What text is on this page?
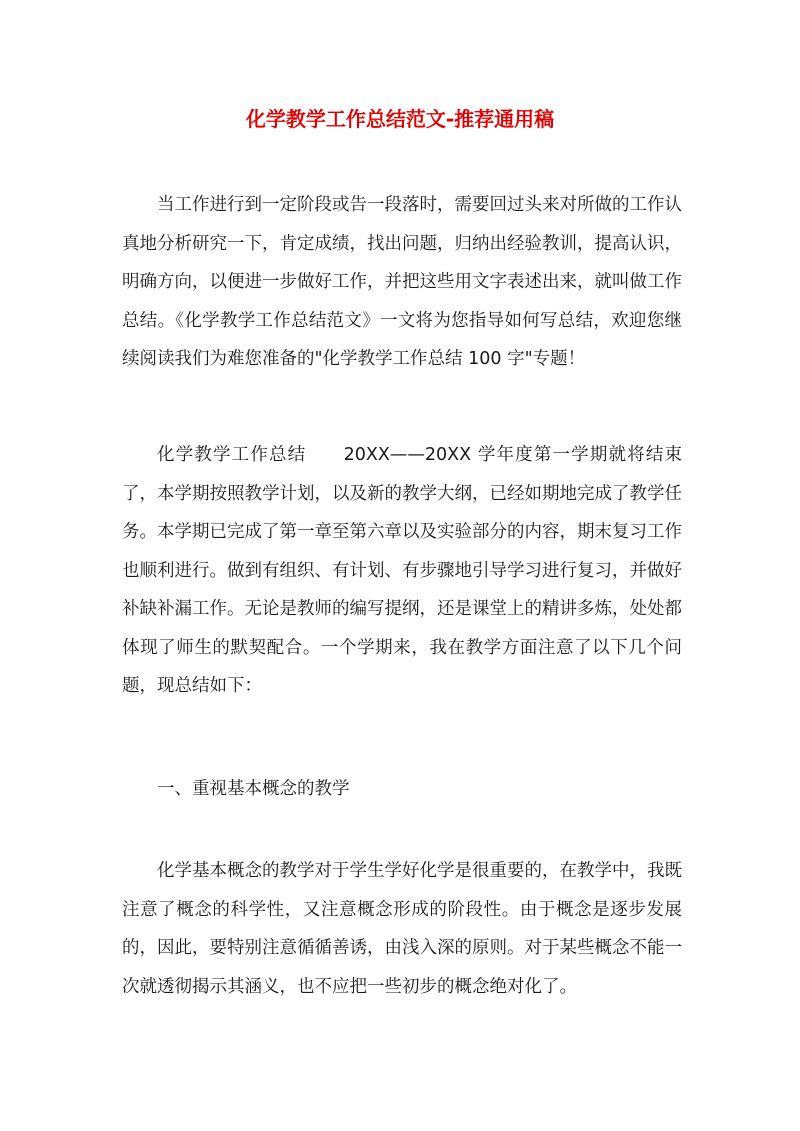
化学教学工作总结范文-推荐通用稿

当工作进行到一定阶段或告一段落时，需要回过头来对所做的工作认真地分析研究一下，肯定成绩，找出问题，归纳出经验教训，提高认识，明确方向，以便进一步做好工作，并把这些用文字表述出来，就叫做工作总结。《化学教学工作总结范文》一文将为您指导如何写总结，欢迎您继续阅读我们为难您准备的"化学教学工作总结 100 字"专题！

化学教学工作总结　　20XX——20XX 学年度第一学期就将结束了，本学期按照教学计划，以及新的教学大纲，已经如期地完成了教学任务。本学期已完成了第一章至第六章以及实验部分的内容，期末复习工作也顺利进行。做到有组织、有计划、有步骤地引导学习进行复习，并做好补缺补漏工作。无论是教师的编写提纲，还是课堂上的精讲多炼，处处都体现了师生的默契配合。一个学期来，我在教学方面注意了以下几个问题，现总结如下：

一、重视基本概念的教学

化学基本概念的教学对于学生学好化学是很重要的，在教学中，我既注意了概念的科学性，又注意概念形成的阶段性。由于概念是逐步发展的，因此，要特别注意循循善诱，由浅入深的原则。对于某些概念不能一次就透彻揭示其涵义，也不应把一些初步的概念绝对化了。
